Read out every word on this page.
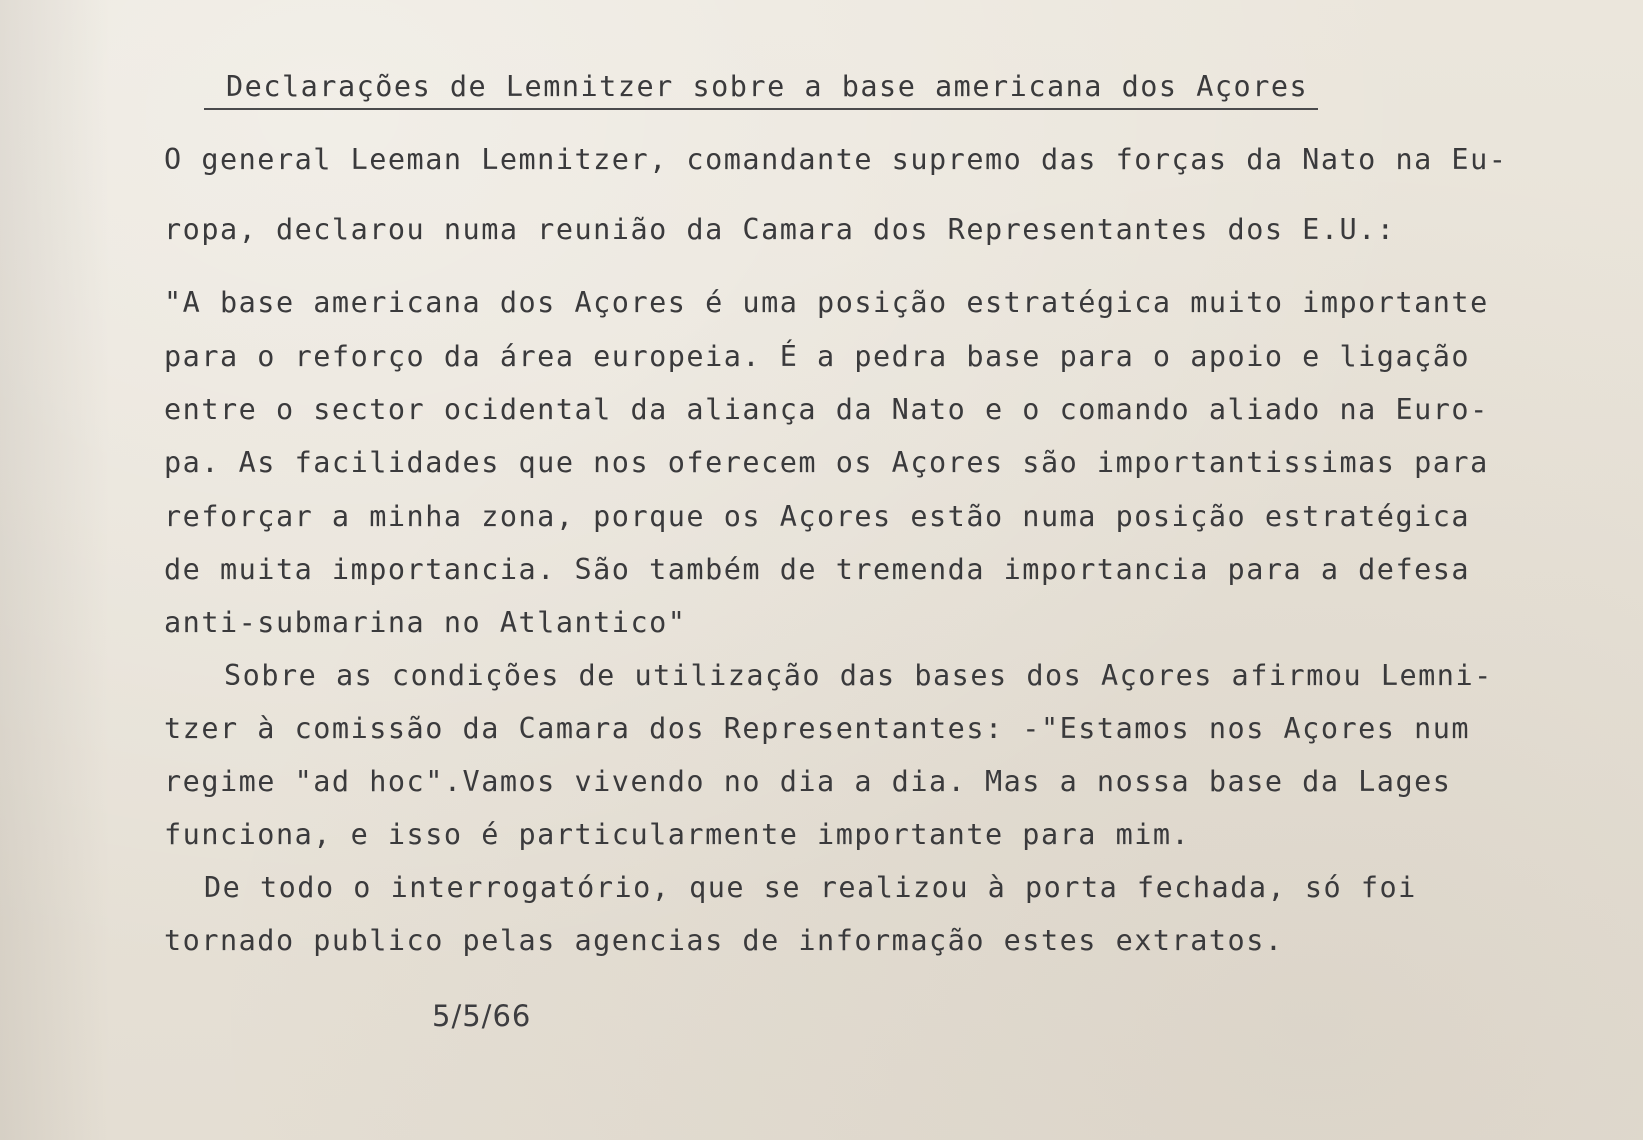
Declarações de Lemnitzer sobre a base americana dos Açores
O general Leeman Lemnitzer, comandante supremo das forças da Nato na Eu-
ropa, declarou numa reunião da Camara dos Representantes dos E.U.:
"A base americana dos Açores é uma posição estratégica muito importante
para o reforço da área europeia. É a pedra base para o apoio e ligação
entre o sector ocidental da aliança da Nato e o comando aliado na Euro-
pa. As facilidades que nos oferecem os Açores são importantissimas para
reforçar a minha zona, porque os Açores estão numa posição estratégica
de muita importancia. São também de tremenda importancia para a defesa
anti-submarina no Atlantico"
Sobre as condições de utilização das bases dos Açores afirmou Lemni-
tzer à comissão da Camara dos Representantes: -"Estamos nos Açores num
regime "ad hoc".Vamos vivendo no dia a dia. Mas a nossa base da Lages
funciona, e isso é particularmente importante para mim.
De todo o interrogatório, que se realizou à porta fechada, só foi
tornado publico pelas agencias de informação estes extratos.
5/5/66
